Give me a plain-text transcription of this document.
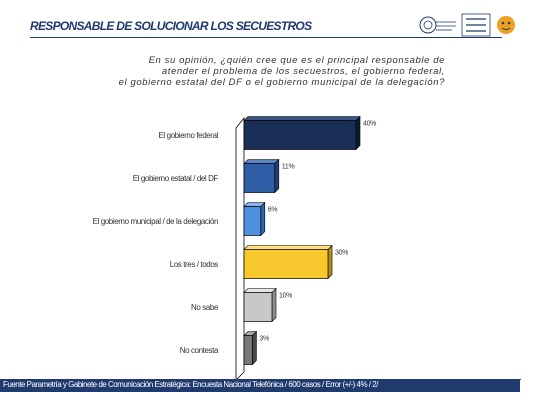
RESPONSABLE DE SOLUCIONAR LOS SECUESTROS
En su opinión, ¿quién cree que es el principal responsable de
atender el problema de los secuestros, el gobierno federal,
el gobierno estatal del DF o el gobierno municipal de la delegación?
El gobierno federal
40%
El gobierno estatal / del DF
11%
El gobierno municipal / de la delegación
6%
Los tres / todos
30%
No sabe
10%
No contesta
3%
Fuente Parametría y Gabinete de Comunicación Estratégica: Encuesta Nacional Telefónica / 600 casos / Error (+/-) 4% / 2/
